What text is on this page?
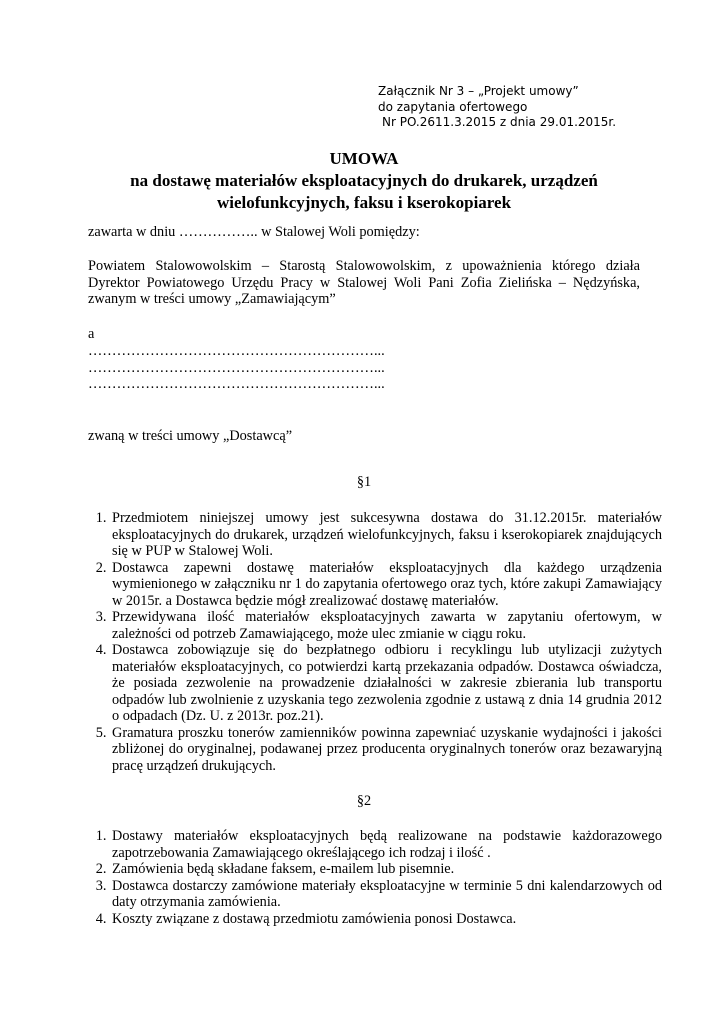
Załącznik Nr 3 – „Projekt umowy”
do zapytania ofertowego
Nr PO.2611.3.2015 z dnia 29.01.2015r.
UMOWA
na dostawę materiałów eksploatacyjnych do drukarek, urządzeń
wielofunkcyjnych, faksu i kserokopiarek
zawarta w dniu …………….. w Stalowej Woli pomiędzy:
Powiatem Stalowowolskim – Starostą Stalowowolskim, z upoważnienia którego działa Dyrektor Powiatowego Urzędu Pracy w Stalowej Woli Pani Zofia Zielińska – Nędzyńska, zwanym w treści umowy „Zamawiającym”
a
……………………………………………………...
……………………………………………………...
……………………………………………………...
zwaną w treści umowy „Dostawcą”
§1
1. Przedmiotem niniejszej umowy jest sukcesywna dostawa do 31.12.2015r. materiałów eksploatacyjnych do drukarek, urządzeń wielofunkcyjnych, faksu i kserokopiarek znajdujących się w PUP w Stalowej Woli.
2. Dostawca zapewni dostawę materiałów eksploatacyjnych dla każdego urządzenia wymienionego w załączniku nr 1 do zapytania ofertowego oraz tych, które zakupi Zamawiający w 2015r. a Dostawca będzie mógł zrealizować dostawę materiałów.
3. Przewidywana ilość materiałów eksploatacyjnych zawarta w zapytaniu ofertowym, w zależności od potrzeb Zamawiającego, może ulec zmianie w ciągu roku.
4. Dostawca zobowiązuje się do bezpłatnego odbioru i recyklingu lub utylizacji zużytych materiałów eksploatacyjnych, co potwierdzi kartą przekazania odpadów. Dostawca oświadcza, że posiada zezwolenie na prowadzenie działalności w zakresie zbierania lub transportu odpadów lub zwolnienie z uzyskania tego zezwolenia zgodnie z ustawą z dnia 14 grudnia 2012 o odpadach (Dz. U. z 2013r. poz.21).
5. Gramatura proszku tonerów zamienników powinna zapewniać uzyskanie wydajności i jakości zbliżonej do oryginalnej, podawanej przez producenta oryginalnych tonerów oraz bezawaryjną pracę urządzeń drukujących.
§2
1. Dostawy materiałów eksploatacyjnych będą realizowane na podstawie każdorazowego zapotrzebowania Zamawiającego określającego ich rodzaj i ilość .
2. Zamówienia będą składane faksem, e-mailem lub pisemnie.
3. Dostawca dostarczy zamówione materiały eksploatacyjne w terminie 5 dni kalendarzowych od daty otrzymania zamówienia.
4. Koszty związane z dostawą przedmiotu zamówienia ponosi Dostawca.
